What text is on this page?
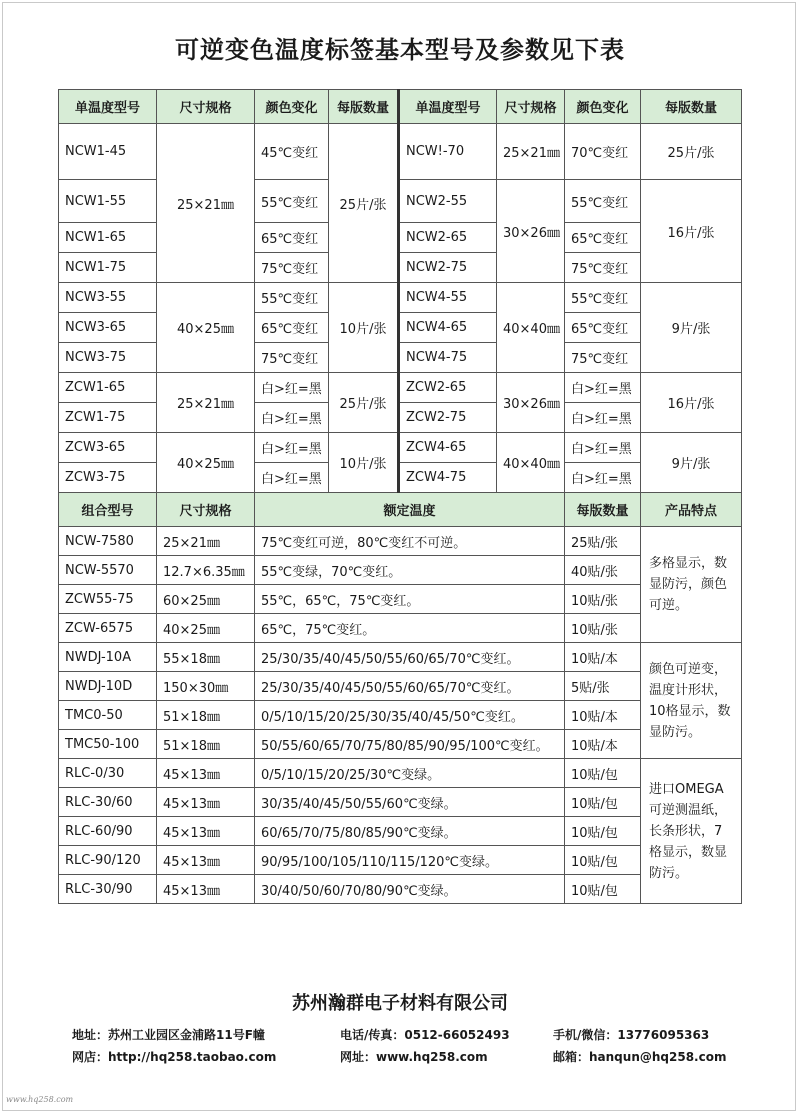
可逆变色温度标签基本型号及参数见下表
单温度型号	尺寸规格	颜色变化	每版数量	单温度型号	尺寸规格	颜色变化	每版数量
NCW1-45	25×21㎜	45℃变红	25片/张	NCW!-70	25×21㎜	70℃变红	25片/张
NCW1-55		55℃变红		NCW2-55	30×26㎜	55℃变红	16片/张
NCW1-65		65℃变红		NCW2-65		65℃变红	
NCW1-75		75℃变红		NCW2-75		75℃变红	
NCW3-55	40×25㎜	55℃变红	10片/张	NCW4-55	40×40㎜	55℃变红	9片/张
NCW3-65		65℃变红		NCW4-65		65℃变红	
NCW3-75		75℃变红		NCW4-75		75℃变红	
ZCW1-65	25×21㎜	白>红=黑	25片/张	ZCW2-65	30×26㎜	白>红=黑	16片/张
ZCW1-75		白>红=黑		ZCW2-75		白>红=黑	
ZCW3-65	40×25㎜	白>红=黑	10片/张	ZCW4-65	40×40㎜	白>红=黑	9片/张
ZCW3-75		白>红=黑		ZCW4-75		白>红=黑	
组合型号	尺寸规格	额定温度				每版数量	产品特点
NCW-7580	25×21㎜	75℃变红可逆，80℃变红不可逆。				25贴/张	多格显示，数显防污，颜色可逆。
NCW-5570	12.7×6.35㎜	55℃变绿，70℃变红。				40贴/张	
ZCW55-75	60×25㎜	55℃，65℃，75℃变红。				10贴/张	
ZCW-6575	40×25㎜	65℃，75℃变红。				10贴/张	
NWDJ-10A	55×18㎜	25/30/35/40/45/50/55/60/65/70℃变红。				10贴/本	颜色可逆变，温度计形状，10格显示，数显防污。
NWDJ-10D	150×30㎜	25/30/35/40/45/50/55/60/65/70℃变红。				5贴/张	
TMC0-50	51×18㎜	0/5/10/15/20/25/30/35/40/45/50℃变红。				10贴/本	
TMC50-100	51×18㎜	50/55/60/65/70/75/80/85/90/95/100℃变红。				10贴/本	
RLC-0/30	45×13㎜	0/5/10/15/20/25/30℃变绿。				10贴/包	进口OMEGA可逆测温纸，长条形状，7格显示，数显防污。
RLC-30/60	45×13㎜	30/35/40/45/50/55/60℃变绿。				10贴/包	
RLC-60/90	45×13㎜	60/65/70/75/80/85/90℃变绿。				10贴/包	
RLC-90/120	45×13㎜	90/95/100/105/110/115/120℃变绿。				10贴/包	
RLC-30/90	45×13㎜	30/40/50/60/70/80/90℃变绿。				10贴/包	
苏州瀚群电子材料有限公司
地址：苏州工业园区金浦路11号F幢	电话/传真：0512-66052493	手机/微信：13776095363
网店：http://hq258.taobao.com	网址：www.hq258.com	邮箱：hanqun@hq258.com
www.hq258.com
